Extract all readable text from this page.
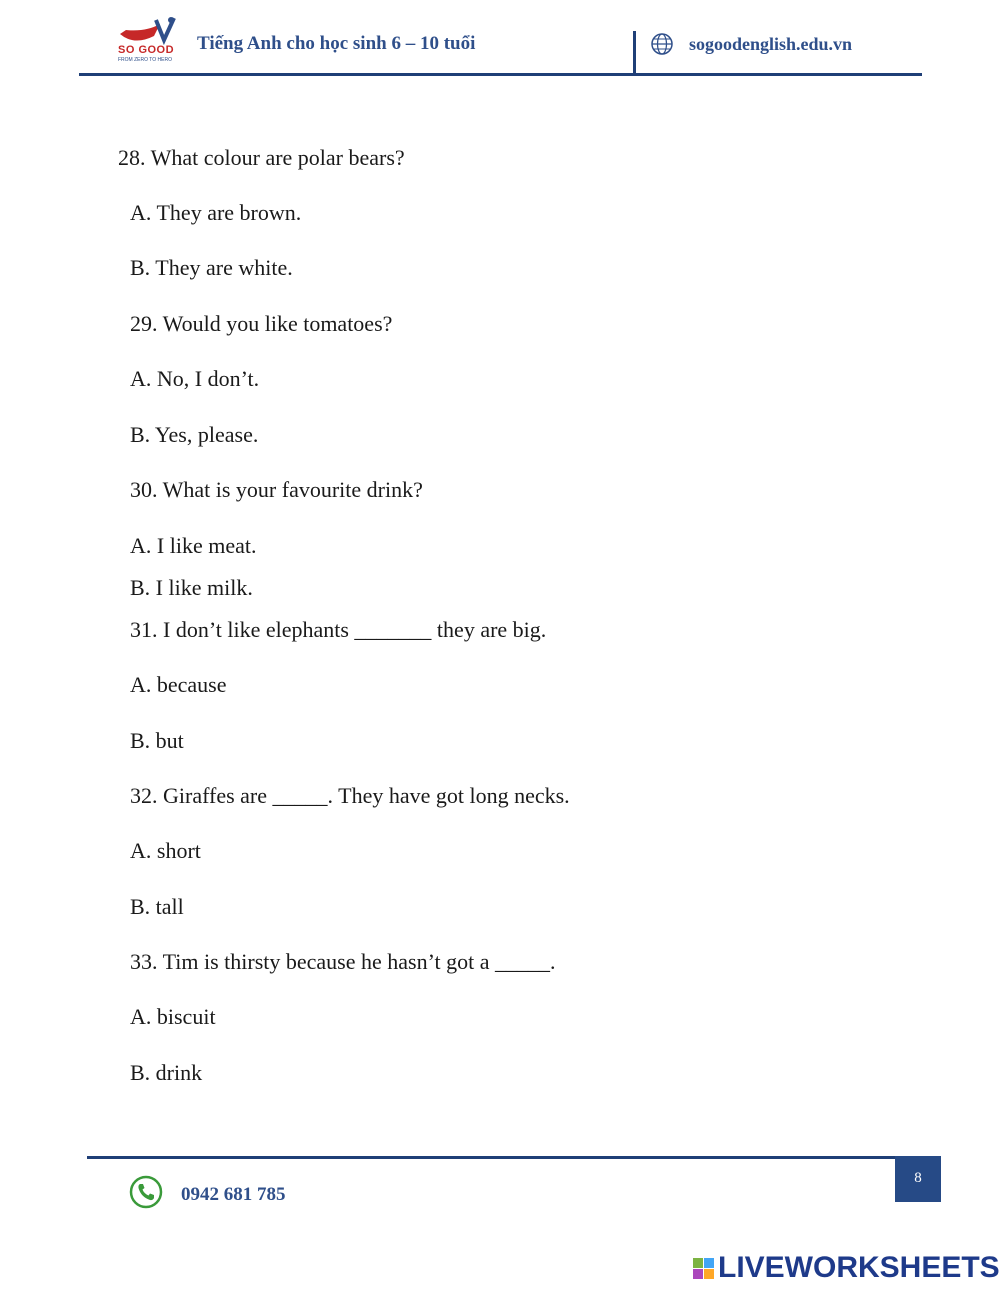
SO GOOD
FROM ZERO TO HERO
Tiếng Anh cho học sinh 6 – 10 tuổi	sogoodenglish.edu.vn
28. What colour are polar bears?
A. They are brown.
B. They are white.
29. Would you like tomatoes?
A. No, I don’t.
B. Yes, please.
30. What is your favourite drink?
A. I like meat.
B. I like milk.
31. I don’t like elephants _______ they are big.
A. because
B. but
32. Giraffes are _____. They have got long necks.
A. short
B. tall
33. Tim is thirsty because he hasn’t got a _____.
A. biscuit
B. drink
8
0942 681 785
LIVEWORKSHEETS
